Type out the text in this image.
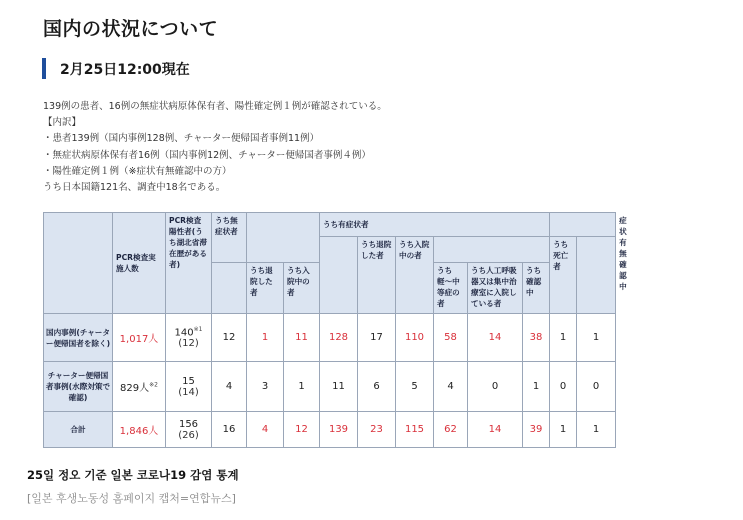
国内の状況について
2月25日12:00現在
139例の患者、16例の無症状病原体保有者、陽性確定例１例が確認されている。
【内訳】
・患者139例（国内事例128例、チャーター便帰国者事例11例）
・無症状病原体保有者16例（国内事例12例、チャーター便帰国者事例４例）
・陽性確定例１例（※症状有無確認中の方）
うち日本国籍121名、調査中18名である。

	PCR検査実施人数	PCR検査陽性者(うち湖北省滞在歴がある者)	うち無症状者			うち有症状者								症状有無確認中

							うち退院した者	うち入院中の者				うち死亡者		

				うち退院した者	うち入院中の者				うち軽〜中等症の者	うち人工呼吸器又は集中治療室に入院している者	うち確認中			

国内事例(チャーター便帰国者を除く)	1,017人	140$^{※1}$
(12)	12	1	11	128	17	110	58	14	38	1	1	
チャーター便帰国者事例(水際対策で確認)	829人$^{※2}$	15
(14)	4	3	1	11	6	5	4	0	1	0	0	
合計	1,846人	156
(26)	16	4	12	139	23	115	62	14	39	1	1	
25일 정오 기준 일본 코로나19 감염 통계
[일본 후생노동성 홈페이지 캡처=연합뉴스]
